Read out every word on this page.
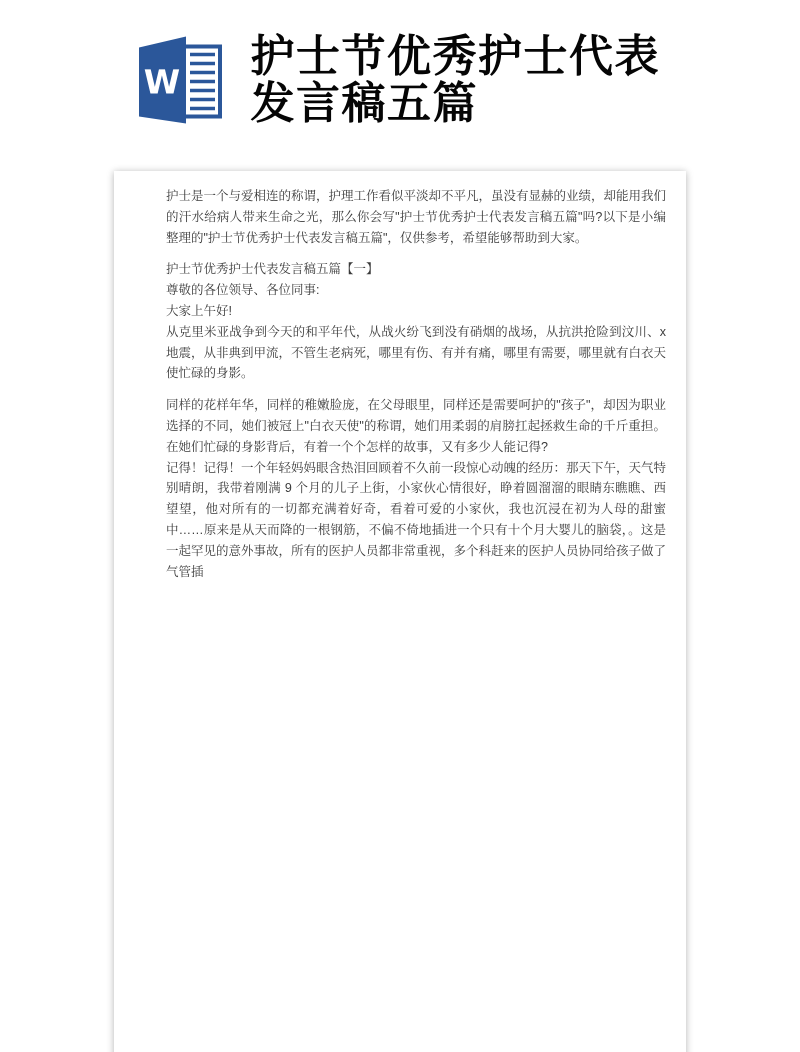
W
护士节优秀护士代表发言稿五篇

护士是一个与爱相连的称谓，护理工作看似平淡却不平凡，虽没有显赫的业绩，却能用我们的汗水给病人带来生命之光，那么你会写"护士节优秀护士代表发言稿五篇"吗?以下是小编整理的"护士节优秀护士代表发言稿五篇"，仅供参考，希望能够帮助到大家。

护士节优秀护士代表发言稿五篇【一】

尊敬的各位领导、各位同事:

大家上午好!

从克里米亚战争到今天的和平年代，从战火纷飞到没有硝烟的战场，从抗洪抢险到汶川、x地震，从非典到甲流，不管生老病死，哪里有伤、有并有痛，哪里有需要，哪里就有白衣天使忙碌的身影。

同样的花样年华，同样的稚嫩脸庞，在父母眼里，同样还是需要呵护的"孩子"，却因为职业选择的不同，她们被冠上"白衣天使"的称谓，她们用柔弱的肩膀扛起拯救生命的千斤重担。在她们忙碌的身影背后，有着一个个怎样的故事，又有多少人能记得?

记得！记得！一个年轻妈妈眼含热泪回顾着不久前一段惊心动魄的经历：那天下午，天气特别晴朗，我带着刚满 9 个月的儿子上街，小家伙心情很好，睁着圆溜溜的眼睛东瞧瞧、西望望，他对所有的一切都充满着好奇，看着可爱的小家伙，我也沉浸在初为人母的甜蜜中……原来是从天而降的一根钢筋，不偏不倚地插进一个只有十个月大婴儿的脑袋，。这是一起罕见的意外事故，所有的医护人员都非常重视，多个科赶来的医护人员协同给孩子做了气管插
